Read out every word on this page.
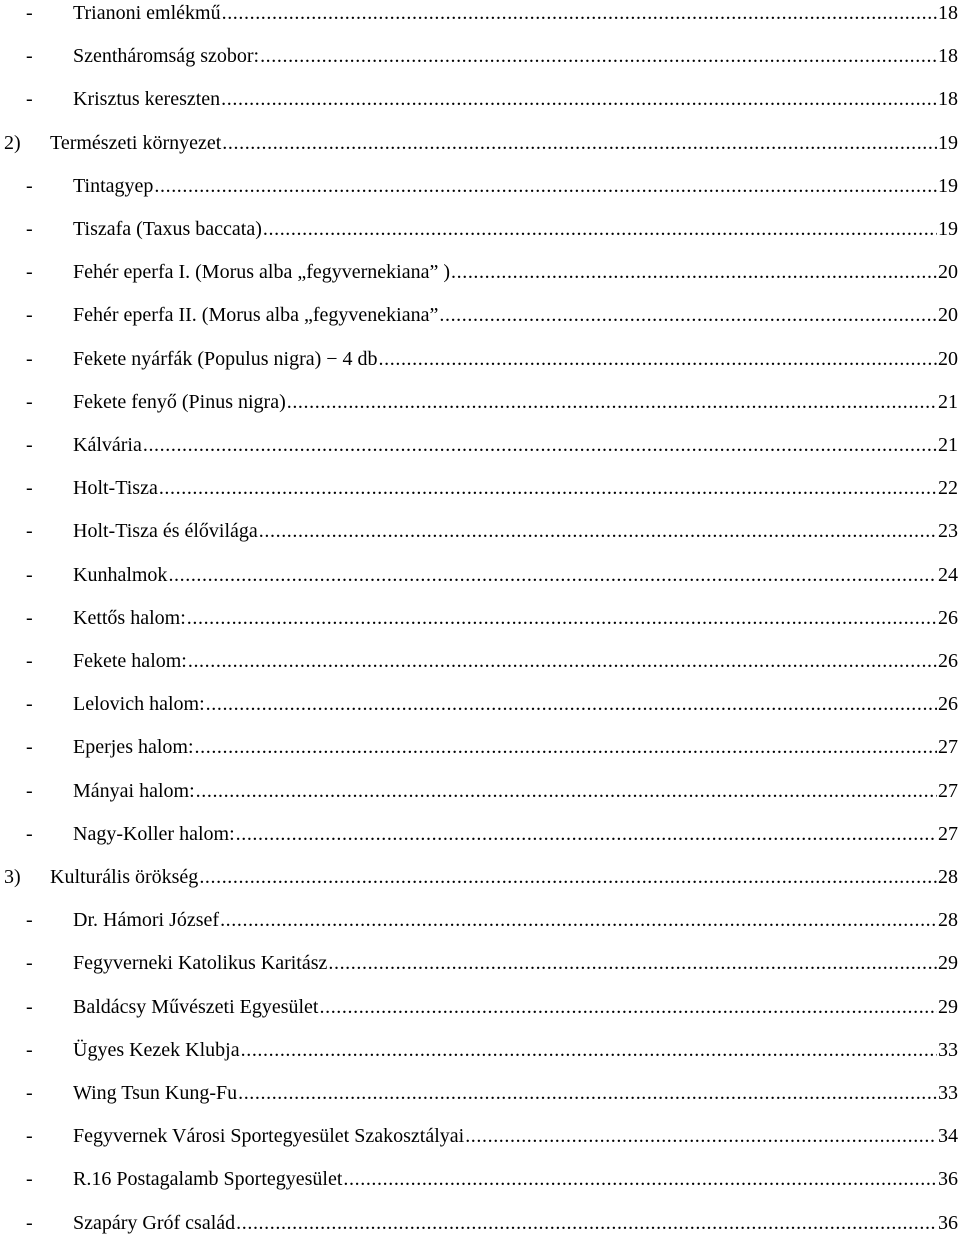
-	Trianoni emlékmű .....	18
-	Szentháromság szobor: .....	18
-	Krisztus kereszten .....	18
2)	Természeti környezet .....	19
-	Tintagyep .....	19
-	Tiszafa (Taxus baccata) .....	19
-	Fehér eperfa I. (Morus alba „fegyvernekiana” ) .....	20
-	Fehér eperfa II. (Morus alba „fegyvenekiana” .....	20
-	Fekete nyárfák (Populus nigra) − 4 db .....	20
-	Fekete fenyő (Pinus nigra) .....	21
-	Kálvária .....	21
-	Holt-Tisza .....	22
-	Holt-Tisza és élővilága .....	23
-	Kunhalmok .....	24
-	Kettős halom: .....	26
-	Fekete halom: .....	26
-	Lelovich halom: .....	26
-	Eperjes halom: .....	27
-	Mányai halom: .....	27
-	Nagy-Koller halom: .....	27
3)	Kulturális örökség .....	28
-	Dr. Hámori József .....	28
-	Fegyverneki Katolikus Karitász .....	29
-	Baldácsy Művészeti Egyesület .....	29
-	Ügyes Kezek Klubja .....	33
-	Wing Tsun Kung-Fu .....	33
-	Fegyvernek Városi Sportegyesület Szakosztályai .....	34
-	R.16 Postagalamb Sportegyesület .....	36
-	Szapáry Gróf család .....	36
